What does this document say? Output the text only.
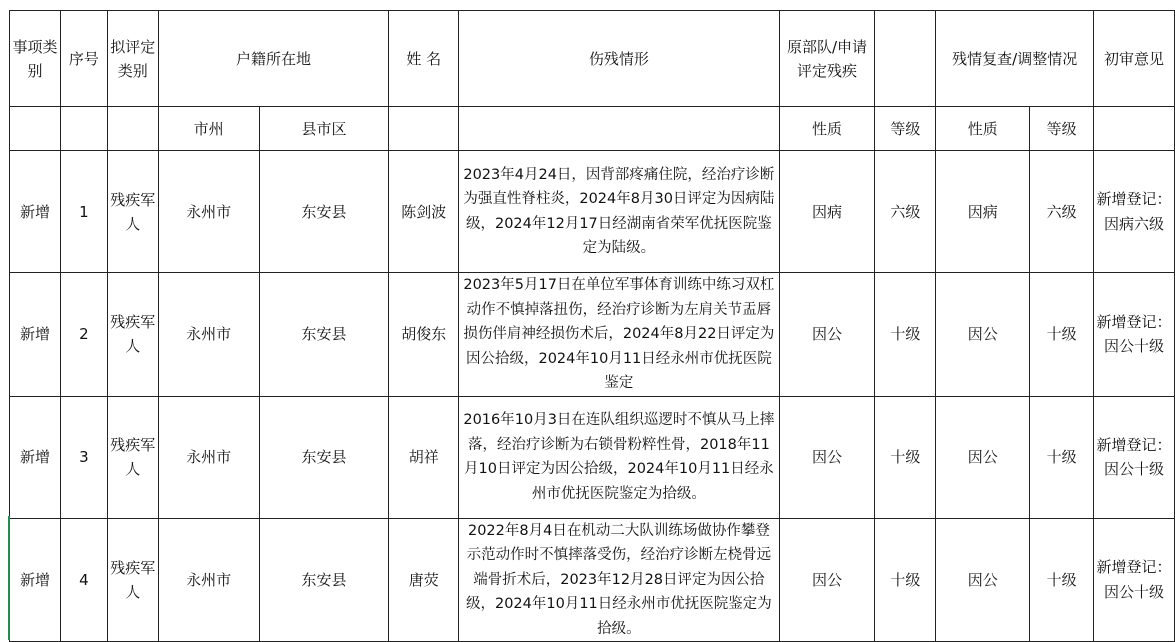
事项类别	序号	拟评定类别	户籍所在地		姓 名	伤残情形	原部队/申请评定残疾		残情复查/调整情况		初审意见
			市州	县市区			性质	等级	性质	等级	
新增	1	残疾军人	永州市	东安县	陈剑波	2023年4月24日，因背部疼痛住院，经治疗诊断为强直性脊柱炎，2024年8月30日评定为因病陆级，2024年12月17日经湖南省荣军优抚医院鉴定为陆级。	因病	六级	因病	六级	新增登记：因病六级
新增	2	残疾军人	永州市	东安县	胡俊东	2023年5月17日在单位军事体育训练中练习双杠动作不慎掉落扭伤，经治疗诊断为左肩关节盂唇损伤伴肩神经损伤术后，2024年8月22日评定为因公拾级，2024年10月11日经永州市优抚医院鉴定	因公	十级	因公	十级	新增登记：因公十级
新增	3	残疾军人	永州市	东安县	胡祥	2016年10月3日在连队组织巡逻时不慎从马上摔落，经治疗诊断为右锁骨粉粹性骨，2018年11月10日评定为因公拾级，2024年10月11日经永州市优抚医院鉴定为拾级。	因公	十级	因公	十级	新增登记：因公十级
新增	4	残疾军人	永州市	东安县	唐荧	2022年8月4日在机动二大队训练场做协作攀登示范动作时不慎摔落受伤，经治疗诊断左桡骨远端骨折术后，2023年12月28日评定为因公拾级，2024年10月11日经永州市优抚医院鉴定为拾级。	因公	十级	因公	十级	新增登记：因公十级
